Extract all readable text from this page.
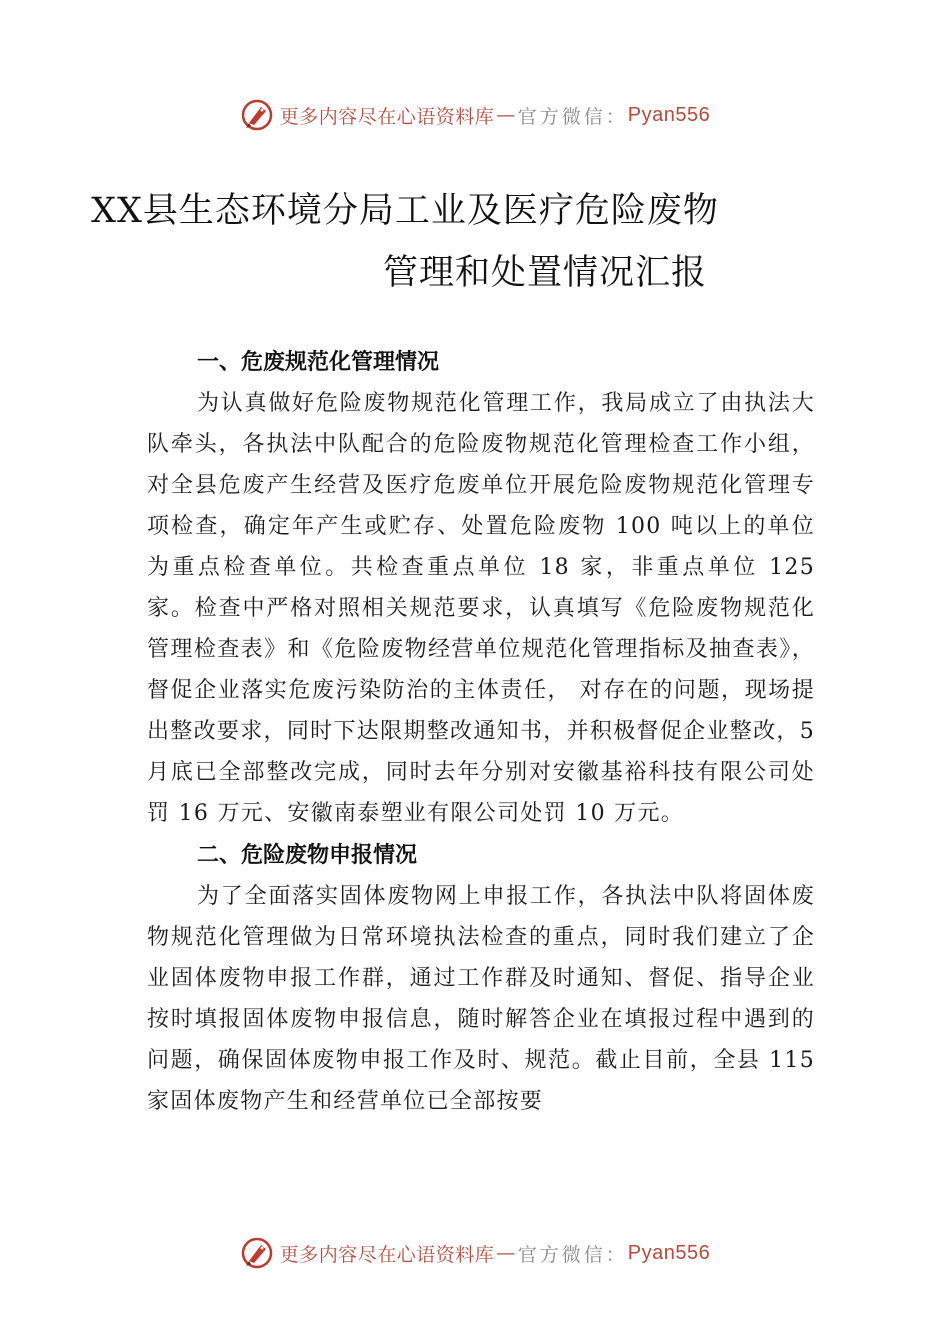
更多内容尽在心语资料库 — 官方微信： Pyan556
XX县生态环境分局工业及医疗危险废物
管理和处置情况汇报
一、危废规范化管理情况

为认真做好危险废物规范化管理工作，我局成立了由执法大队牵头，各执法中队配合的危险废物规范化管理检查工作小组，对全县危废产生经营及医疗危废单位开展危险废物规范化管理专项检查，确定年产生或贮存、处置危险废物 100 吨以上的单位为重点检查单位。共检查重点单位 18 家，非重点单位 125 家。检查中严格对照相关规范要求，认真填写《危险废物规范化管理检查表》和《危险废物经营单位规范化管理指标及抽查表》，督促企业落实危废污染防治的主体责任， 对存在的问题，现场提出整改要求，同时下达限期整改通知书，并积极督促企业整改，5 月底已全部整改完成，同时去年分别对安徽基裕科技有限公司处罚 16 万元、安徽南泰塑业有限公司处罚 10 万元。

二、危险废物申报情况

为了全面落实固体废物网上申报工作，各执法中队将固体废物规范化管理做为日常环境执法检查的重点，同时我们建立了企业固体废物申报工作群，通过工作群及时通知、督促、指导企业按时填报固体废物申报信息，随时解答企业在填报过程中遇到的问题，确保固体废物申报工作及时、规范。截止目前，全县 115 家固体废物产生和经营单位已全部按要

更多内容尽在心语资料库 — 官方微信： Pyan556
